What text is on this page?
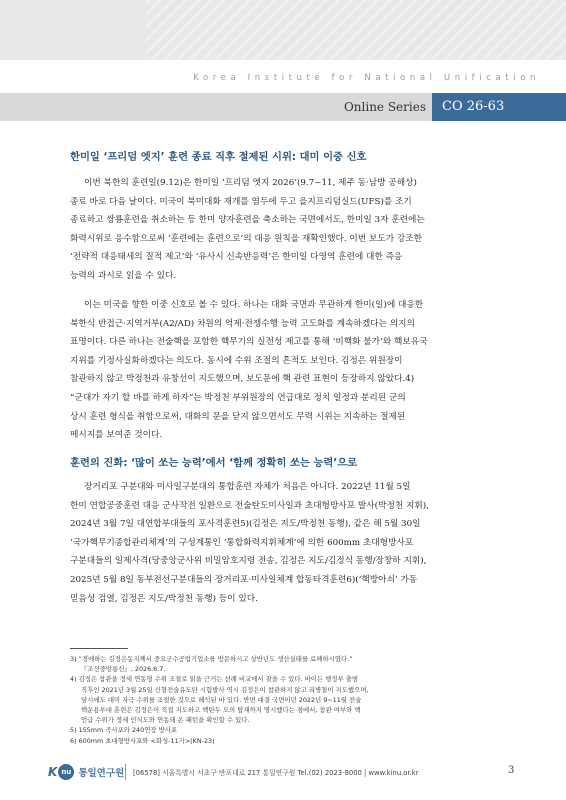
Korea Institute for National Unification
Online Series	CO 26-63
한미일 ‘프리덤 엣지’ 훈련 종료 직후 절제된 시위: 대미 이중 신호
이번 북한의 훈련일(9.12)은 한미일 ‘프리덤 엣지 2026’(9.7~11, 제주 동·남방 공해상)
종료 바로 다음 날이다. 미국이 북미대화 재개를 염두에 두고 을지프리덤실드(UFS)를 조기
종료하고 쌍룡훈련을 취소하는 등 한미 양자훈련을 축소하는 국면에서도, 한미일 3자 훈련에는
화력시위로 응수함으로써 ‘훈련에는 훈련으로’의 대응 원칙을 재확인했다. 이번 보도가 강조한
‘전략적 대응태세의 질적 제고’와 ‘유사시 신속반응력’은 한미일 다영역 훈련에 대한 즉응
능력의 과시로 읽을 수 있다.
이는 미국을 향한 이중 신호로 볼 수 있다. 하나는 대화 국면과 무관하게 한미(일)에 대응한
북한식 반접근·지역거부(A2/AD) 차원의 억제·전쟁수행 능력 고도화를 계속하겠다는 의지의
표명이다. 다른 하나는 전술핵을 포함한 핵무기의 실전성 제고를 통해 ‘비핵화 불가’와 핵보유국
지위를 기정사실화하겠다는 의도다. 동시에 수위 조절의 흔적도 보인다. 김정은 위원장이
참관하지 않고 박정천과 유창선이 지도했으며, 보도문에 핵 관련 표현이 등장하지 않았다.4)
“군대가 자기 할 바를 하게 하자”는 박정천 부위원장의 언급대로 정치 일정과 분리된 군의
상시 훈련 형식을 취함으로써, 대화의 문을 닫지 않으면서도 무력 시위는 지속하는 절제된
메시지를 보여준 것이다.
훈련의 진화: ‘많이 쏘는 능력’에서 ‘함께 정확히 쏘는 능력’으로
장거리포 구분대와 미사일구분대의 통합훈련 자체가 처음은 아니다. 2022년 11월 5일
한미 연합공중훈련 대응 군사작전 일환으로 전술탄도미사일과 초대형방사포 발사(박정천 지휘),
2024년 3월 7일 대연합부대들의 포사격훈련5)(김정은 지도/박정천 동행), 같은 해 5월 30일
‘국가핵무기종합관리체계’의 구성계통인 ‘통합화력지휘체계’에 의한 600mm 초대형방사포
구분대들의 일제사격(당중앙군사위 비밀암호지령 전송, 김정은 지도/김정식 동행/장창하 지휘),
2025년 5월 8일 동부전선구분대들의 장거리포·미사일체계 합동타격훈련6)(‘핵방아쇠’ 가동
믿음성 검열, 김정은 지도/박정천 동행) 등이 있다.
3) “경애하는 김정은동지께서 중요군수공업기업소를 방문하시고 상반년도 생산실태를 료해하시였다.”
『조선중앙통신』, 2026.6.7.
4) 김정은 참관을 정세 연동형 수위 조절로 읽을 근거는 선례 비교에서 찾을 수 있다. 바이든 행정부 출범
직후인 2021년 3월 25일 신형전술유도탄 시험발사 역시 김정은이 참관하지 않고 리병철이 지도했으며,
당시에도 대미 자극 수위를 조절한 것으로 해석된 바 있다. 반면 대결 국면이던 2022년 9~11월 전술
핵운용부대 훈련은 김정은이 직접 지도하고 핵탄두 모의 탑재까지 명시했다는 점에서, 참관 여부와 핵
언급 수위가 정세 인식도와 연동돼 온 패턴을 확인할 수 있다.
5) 155mm 곡사포와 240연장 방사포
6) 600mm 초대형방사포와 <화성-11가>(KN-23)
K nu 통일연구원 [06578] 서울특별시 서초구 반포대로 217 통일연구원 Tel.(02) 2023-8000 | www.kinu.or.kr	3
